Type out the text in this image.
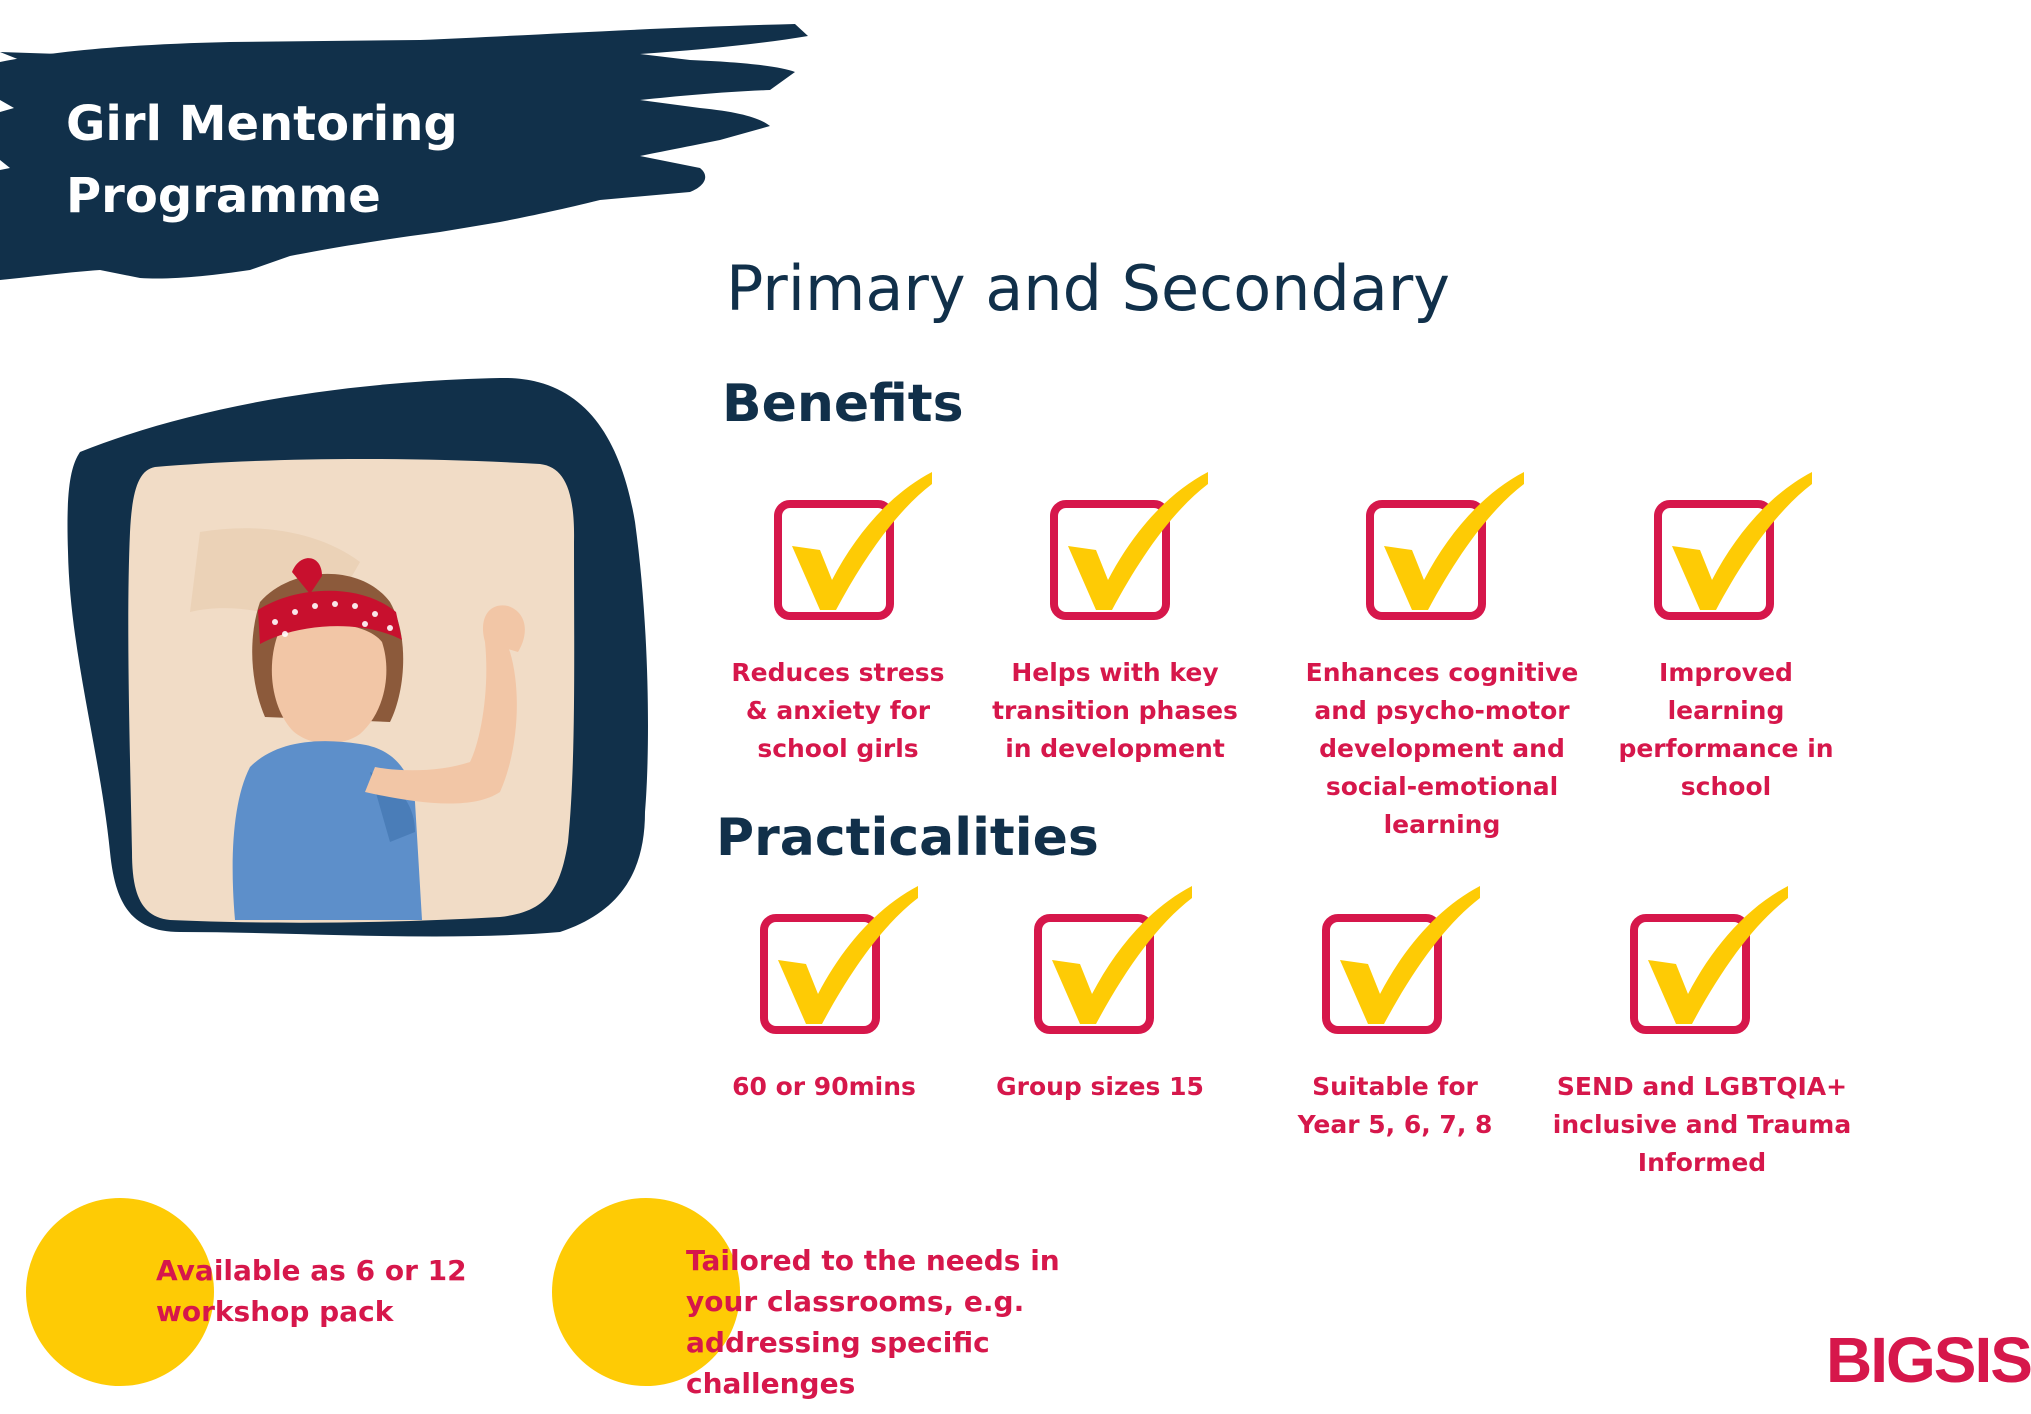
Girl Mentoring
Programme
Primary and Secondary
Benefits

Reduces stress & anxiety for school girls

Helps with key transition phases in development

Enhances cognitive and psycho-motor development and social-emotional learning

Improved learning performance in school

Practicalities

60 or 90mins	Group sizes 15	Suitable for Year 5, 6, 7, 8

SEND and LGBTQIA+ inclusive and Trauma Informed

Available as 6 or 12 workshop pack

Tailored to the needs in your classrooms, e.g. addressing specific challenges	BIGSIS
